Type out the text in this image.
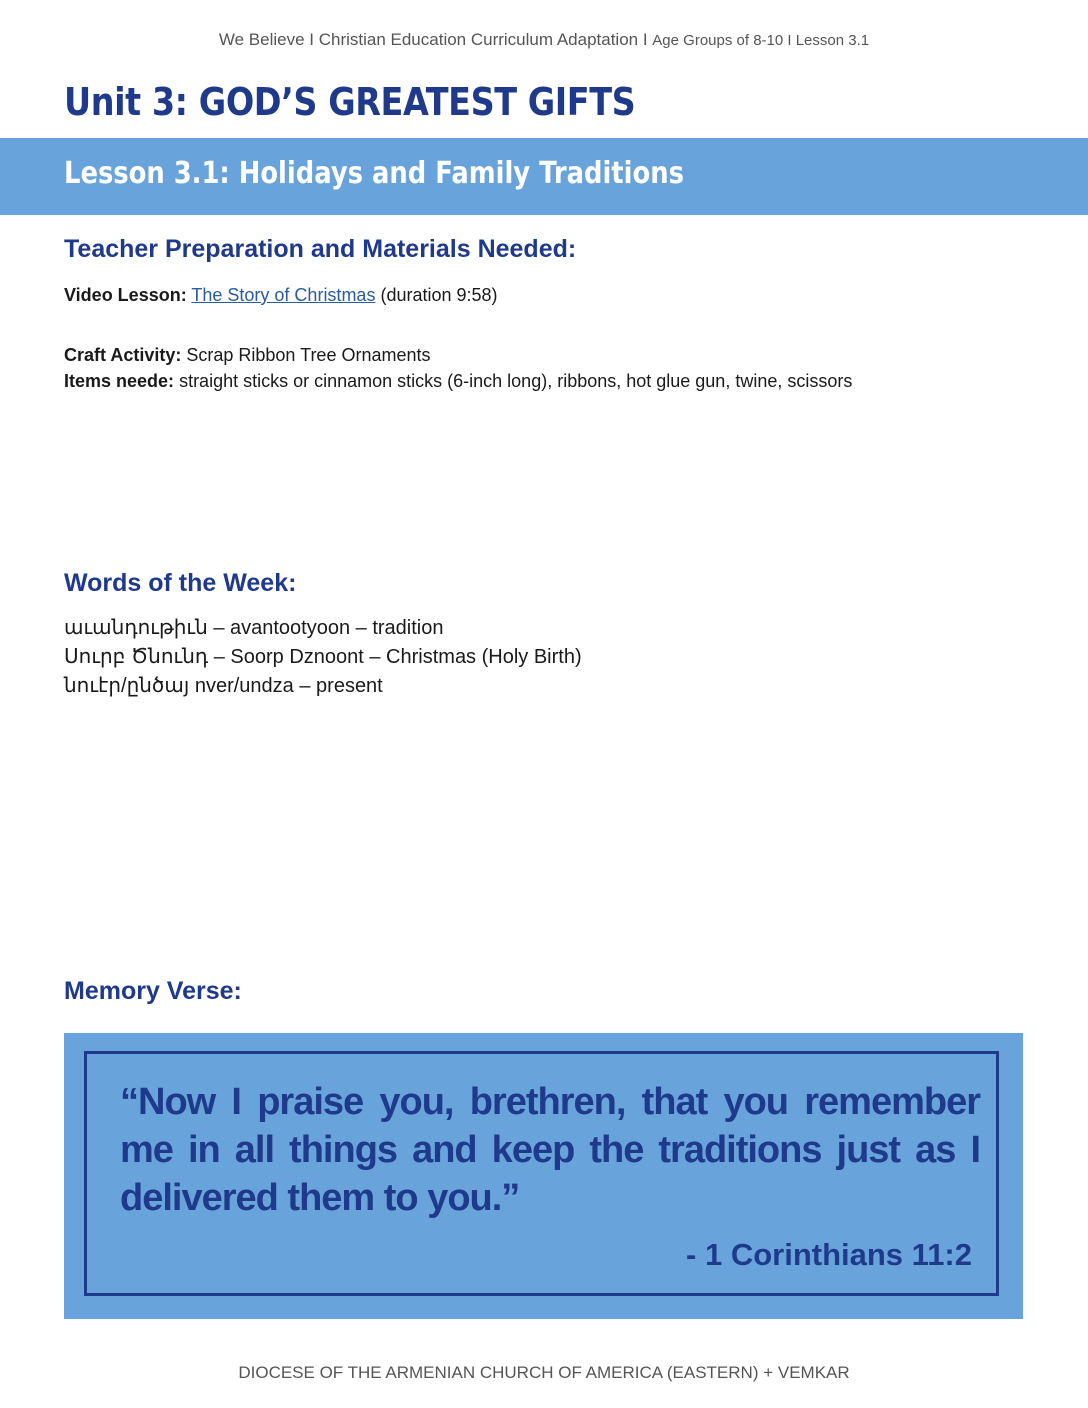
We Believe I Christian Education Curriculum Adaptation I Age Groups of 8-10 I Lesson 3.1
Unit 3: GOD’S GREATEST GIFTS
Lesson 3.1: Holidays and Family Traditions
Teacher Preparation and Materials Needed:
Video Lesson: The Story of Christmas (duration 9:58)
Craft Activity: Scrap Ribbon Tree Ornaments
Items neede: straight sticks or cinnamon sticks (6-inch long), ribbons, hot glue gun, twine, scissors
Words of the Week:
աւանդութիւն – avantootyoon – tradition
Սուրբ Ծնունդ – Soorp Dznoont – Christmas (Holy Birth)
նուէր/ընծայ nver/undza – present
Memory Verse:

“Now I praise you, brethren, that you remember me in all things and keep the traditions just as I delivered them to you.”

- 1 Corinthians 11:2

DIOCESE OF THE ARMENIAN CHURCH OF AMERICA (EASTERN) + VEMKAR
